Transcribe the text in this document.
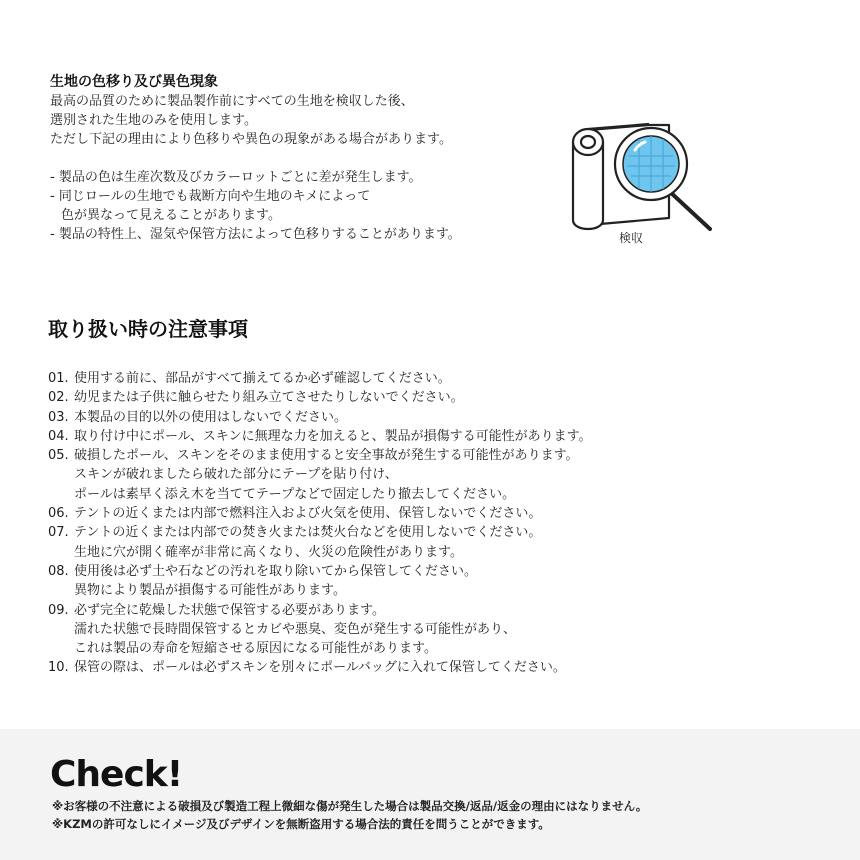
生地の色移り及び異色現象
最高の品質のために製品製作前にすべての生地を検収した後、
選別された生地のみを使用します。
ただし下記の理由により色移りや異色の現象がある場合があります。
- 製品の色は生産次数及びカラーロットごとに差が発生します。
- 同じロールの生地でも裁断方向や生地のキメによって
色が異なって見えることがあります。
- 製品の特性上、湿気や保管方法によって色移りすることがあります。	検収
取り扱い時の注意事項
01. 使用する前に、部品がすべて揃えてるか必ず確認してください。
02. 幼児または子供に触らせたり組み立てさせたりしないでください。
03. 本製品の目的以外の使用はしないでください。
04. 取り付け中にポール、スキンに無理な力を加えると、製品が損傷する可能性があります。
05. 破損したポール、スキンをそのまま使用すると安全事故が発生する可能性があります。
スキンが破れましたら破れた部分にテープを貼り付け、
ポールは素早く添え木を当ててテープなどで固定したり撤去してください。
06. テントの近くまたは内部で燃料注入および火気を使用、保管しないでください。
07. テントの近くまたは内部での焚き火または焚火台などを使用しないでください。
生地に穴が開く確率が非常に高くなり、火災の危険性があります。
08. 使用後は必ず土や石などの汚れを取り除いてから保管してください。
異物により製品が損傷する可能性があります。
09. 必ず完全に乾燥した状態で保管する必要があります。
濡れた状態で長時間保管するとカビや悪臭、変色が発生する可能性があり、
これは製品の寿命を短縮させる原因になる可能性があります。
10. 保管の際は、ポールは必ずスキンを別々にポールバッグに入れて保管してください。
Check!
※お客様の不注意による破損及び製造工程上微細な傷が発生した場合は製品交換/返品/返金の理由にはなりません。
※KZMの許可なしにイメージ及びデザインを無断盗用する場合法的責任を問うことができます。
